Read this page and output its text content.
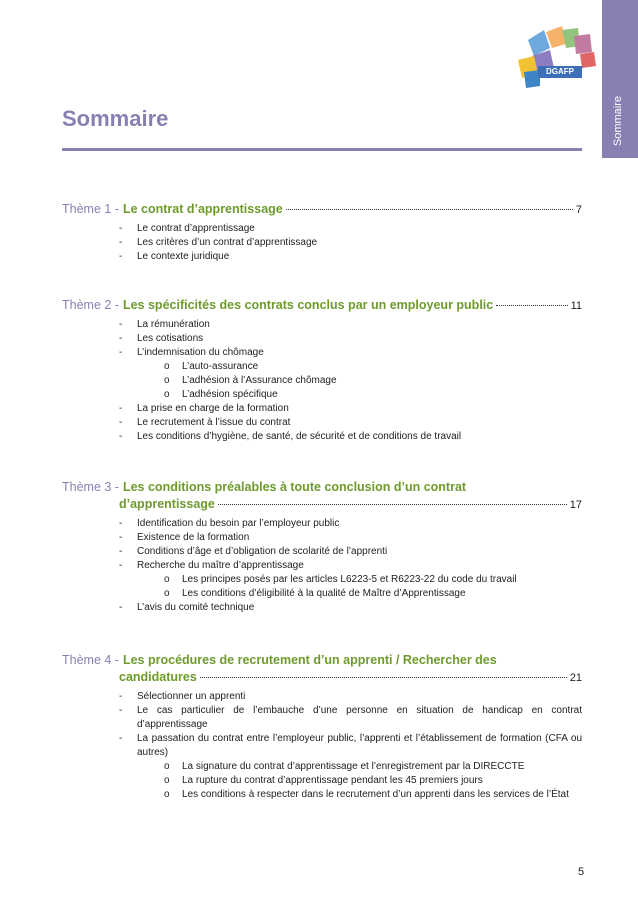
Sommaire
DGAFP
Sommaire
Thème 1 - Le contrat d’apprentissage	7
- Le contrat d’apprentissage
- Les critères d’un contrat d’apprentissage
- Le contexte juridique
Thème 2 - Les spécificités des contrats conclus par un employeur public	11
- La rémunération
- Les cotisations
- L’indemnisation du chômage
o L’auto-assurance
o L’adhésion à l’Assurance chômage
o L’adhésion spécifique
- La prise en charge de la formation
- Le recrutement à l’issue du contrat
- Les conditions d’hygiène, de santé, de sécurité et de conditions de travail
Thème 3 - Les conditions préalables à toute conclusion d’un contrat
d’apprentissage	17
- Identification du besoin par l’employeur public
- Existence de la formation
- Conditions d’âge et d’obligation de scolarité de l’apprenti
- Recherche du maître d’apprentissage
o Les principes posés par les articles L6223-5 et R6223-22 du code du travail
o Les conditions d’éligibilité à la qualité de Maître d’Apprentissage
- L’avis du comité technique
Thème 4 - Les procédures de recrutement d’un apprenti / Rechercher des
candidatures	21
- Sélectionner un apprenti
- Le cas particulier de l’embauche d’une personne en situation de handicap en contrat d’apprentissage
- La passation du contrat entre l’employeur public, l’apprenti et l’établissement de formation (CFA ou autres)
o La signature du contrat d’apprentissage et l’enregistrement par la DIRECCTE
o La rupture du contrat d’apprentissage pendant les 45 premiers jours
o Les conditions à respecter dans le recrutement d’un apprenti dans les services de l’État
5
